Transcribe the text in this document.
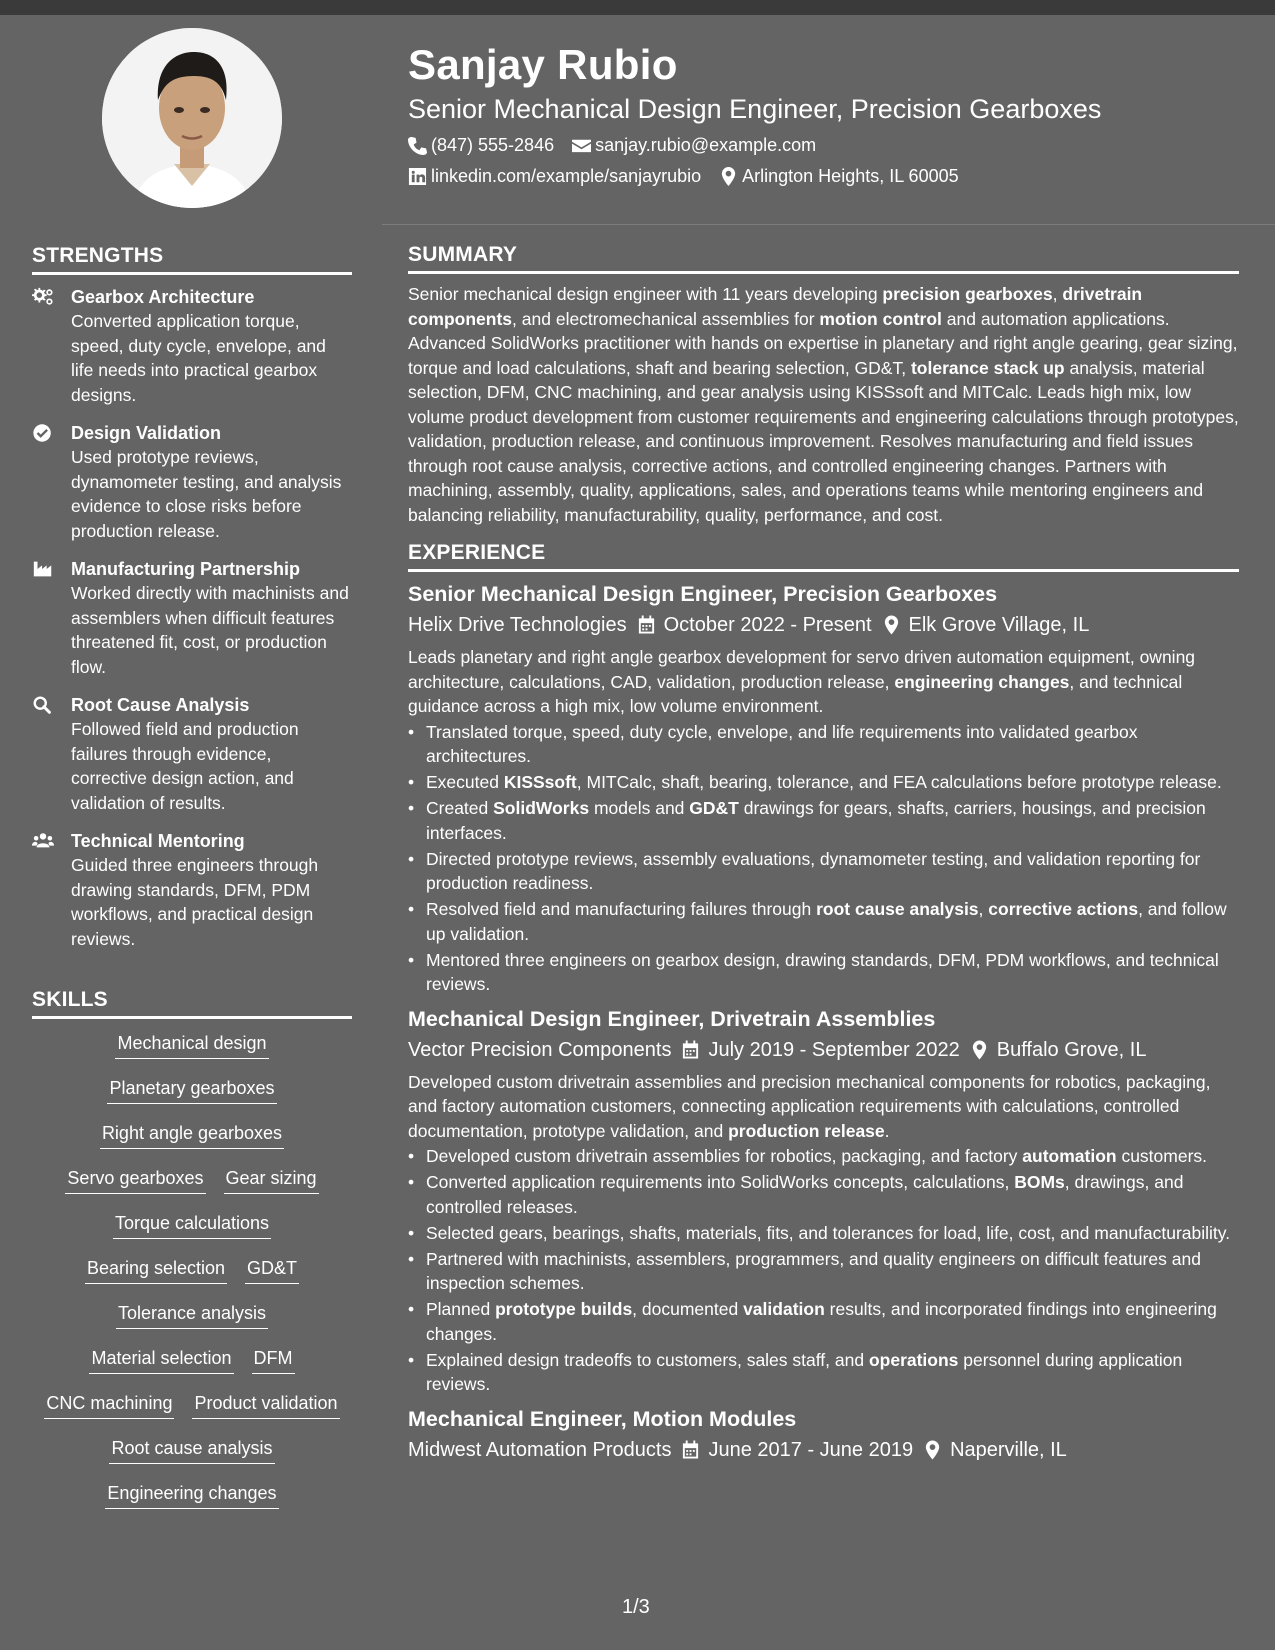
STRENGTHS
Gearbox Architecture
Converted application torque, speed, duty cycle, envelope, and life needs into practical gearbox designs.
Design Validation
Used prototype reviews, dynamometer testing, and analysis evidence to close risks before production release.
Manufacturing Partnership
Worked directly with machinists and assemblers when difficult features threatened fit, cost, or production flow.
Root Cause Analysis
Followed field and production failures through evidence, corrective design action, and validation of results.
Technical Mentoring
Guided three engineers through drawing standards, DFM, PDM workflows, and practical design reviews.
SKILLS
Mechanical design
Planetary gearboxes
Right angle gearboxes
Servo gearboxes Gear sizing
Torque calculations
Bearing selection GD&T
Tolerance analysis
Material selection DFM
CNC machining Product validation
Root cause analysis
Engineering changes
Sanjay Rubio
Senior Mechanical Design Engineer, Precision Gearboxes
(847) 555-2846 sanjay.rubio@example.com
linkedin.com/example/sanjayrubio Arlington Heights, IL 60005
SUMMARY
Senior mechanical design engineer with 11 years developing precision gearboxes, drivetrain components, and electromechanical assemblies for motion control and automation applications. Advanced SolidWorks practitioner with hands on expertise in planetary and right angle gearing, gear sizing, torque and load calculations, shaft and bearing selection, GD&T, tolerance stack up analysis, material selection, DFM, CNC machining, and gear analysis using KISSsoft and MITCalc. Leads high mix, low volume product development from customer requirements and engineering calculations through prototypes, validation, production release, and continuous improvement. Resolves manufacturing and field issues through root cause analysis, corrective actions, and controlled engineering changes. Partners with machining, assembly, quality, applications, sales, and operations teams while mentoring engineers and balancing reliability, manufacturability, quality, performance, and cost.
EXPERIENCE
Senior Mechanical Design Engineer, Precision Gearboxes
Helix Drive Technologies October 2022 - Present Elk Grove Village, IL
Leads planetary and right angle gearbox development for servo driven automation equipment, owning architecture, calculations, CAD, validation, production release, engineering changes, and technical guidance across a high mix, low volume environment.
• Translated torque, speed, duty cycle, envelope, and life requirements into validated gearbox architectures.
• Executed KISSsoft, MITCalc, shaft, bearing, tolerance, and FEA calculations before prototype release.
• Created SolidWorks models and GD&T drawings for gears, shafts, carriers, housings, and precision interfaces.
• Directed prototype reviews, assembly evaluations, dynamometer testing, and validation reporting for production readiness.
• Resolved field and manufacturing failures through root cause analysis, corrective actions, and follow up validation.
• Mentored three engineers on gearbox design, drawing standards, DFM, PDM workflows, and technical reviews.
Mechanical Design Engineer, Drivetrain Assemblies
Vector Precision Components July 2019 - September 2022 Buffalo Grove, IL
Developed custom drivetrain assemblies and precision mechanical components for robotics, packaging, and factory automation customers, connecting application requirements with calculations, controlled documentation, prototype validation, and production release.
• Developed custom drivetrain assemblies for robotics, packaging, and factory automation customers.
• Converted application requirements into SolidWorks concepts, calculations, BOMs, drawings, and controlled releases.
• Selected gears, bearings, shafts, materials, fits, and tolerances for load, life, cost, and manufacturability.
• Partnered with machinists, assemblers, programmers, and quality engineers on difficult features and inspection schemes.
• Planned prototype builds, documented validation results, and incorporated findings into engineering changes.
• Explained design tradeoffs to customers, sales staff, and operations personnel during application reviews.
Mechanical Engineer, Motion Modules
Midwest Automation Products June 2017 - June 2019 Naperville, IL
1/3
